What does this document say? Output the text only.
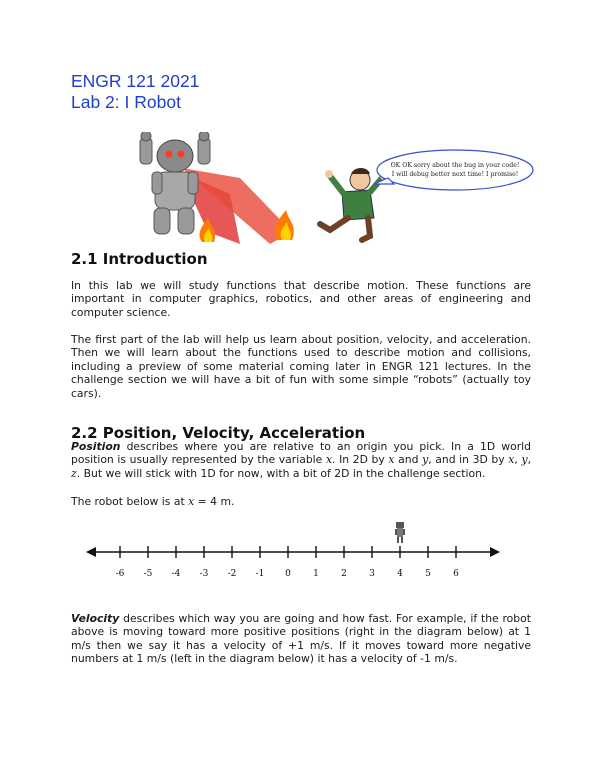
ENGR 121 2021
Lab 2: I Robot
OK OK sorry about the bug in your code!
I will debug better next time! I promise!
2.1 Introduction
In this lab we will study functions that describe motion. These functions are important in computer graphics, robotics, and other areas of engineering and computer science.
The first part of the lab will help us learn about position, velocity, and acceleration. Then we will learn about the functions used to describe motion and collisions, including a preview of some material coming later in ENGR 121 lectures. In the challenge section we will have a bit of fun with some simple “robots” (actually toy cars).
2.2 Position, Velocity, Acceleration
Position describes where you are relative to an origin you pick. In a 1D world position is usually represented by the variable x. In 2D by x and y, and in 3D by x, y, z. But we will stick with 1D for now, with a bit of 2D in the challenge section.
The robot below is at x = 4 m.
-6 -5 -4 -3 -2 -1 0 1 2 3 4 5 6
Velocity describes which way you are going and how fast. For example, if the robot above is moving toward more positive positions (right in the diagram below) at 1 m/s then we say it has a velocity of +1 m/s. If it moves toward more negative numbers at 1 m/s (left in the diagram below) it has a velocity of -1 m/s.
